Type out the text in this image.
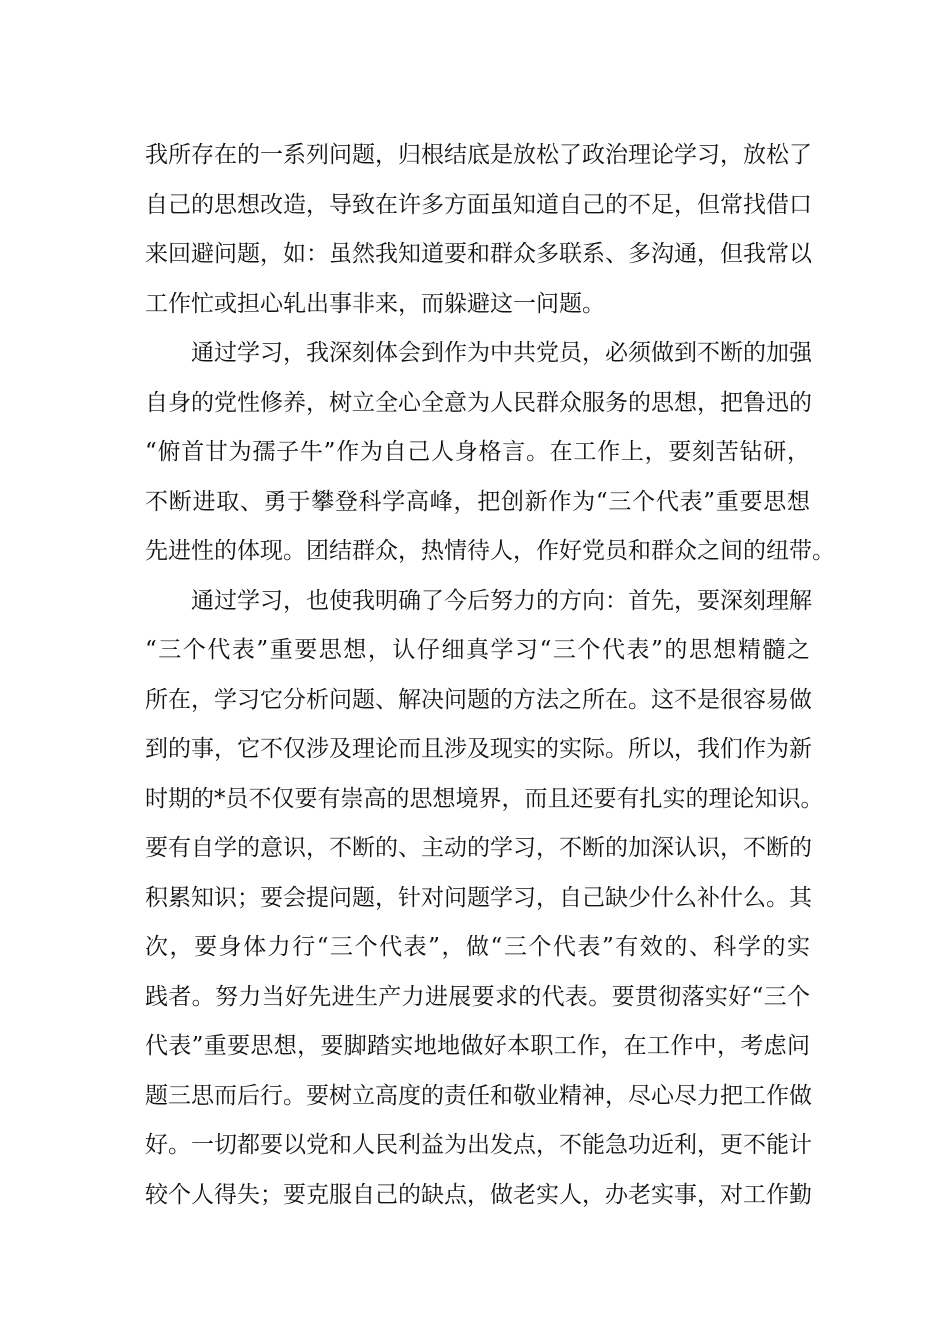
我所存在的一系列问题，归根结底是放松了政治理论学习，放松了
自己的思想改造，导致在许多方面虽知道自己的不足，但常找借口
来回避问题，如：虽然我知道要和群众多联系、多沟通，但我常以
工作忙或担心轧出事非来，而躲避这一问题。
　　通过学习，我深刻体会到作为中共党员，必须做到不断的加强
自身的党性修养，树立全心全意为人民群众服务的思想，把鲁迅的
“俯首甘为孺子牛”作为自己人身格言。在工作上，要刻苦钻研，
不断进取、勇于攀登科学高峰，把创新作为“三个代表”重要思想
先进性的体现。团结群众，热情待人，作好党员和群众之间的纽带。
　　通过学习，也使我明确了今后努力的方向：首先，要深刻理解
“三个代表”重要思想，认仔细真学习“三个代表”的思想精髓之
所在，学习它分析问题、解决问题的方法之所在。这不是很容易做
到的事，它不仅涉及理论而且涉及现实的实际。所以，我们作为新
时期的*员不仅要有崇高的思想境界，而且还要有扎实的理论知识。
要有自学的意识，不断的、主动的学习，不断的加深认识，不断的
积累知识；要会提问题，针对问题学习，自己缺少什么补什么。其
次，要身体力行“三个代表”，做“三个代表”有效的、科学的实
践者。努力当好先进生产力进展要求的代表。要贯彻落实好“三个
代表”重要思想，要脚踏实地地做好本职工作，在工作中，考虑问
题三思而后行。要树立高度的责任和敬业精神，尽心尽力把工作做
好。一切都要以党和人民利益为出发点，不能急功近利，更不能计
较个人得失；要克服自己的缺点，做老实人，办老实事，对工作勤
